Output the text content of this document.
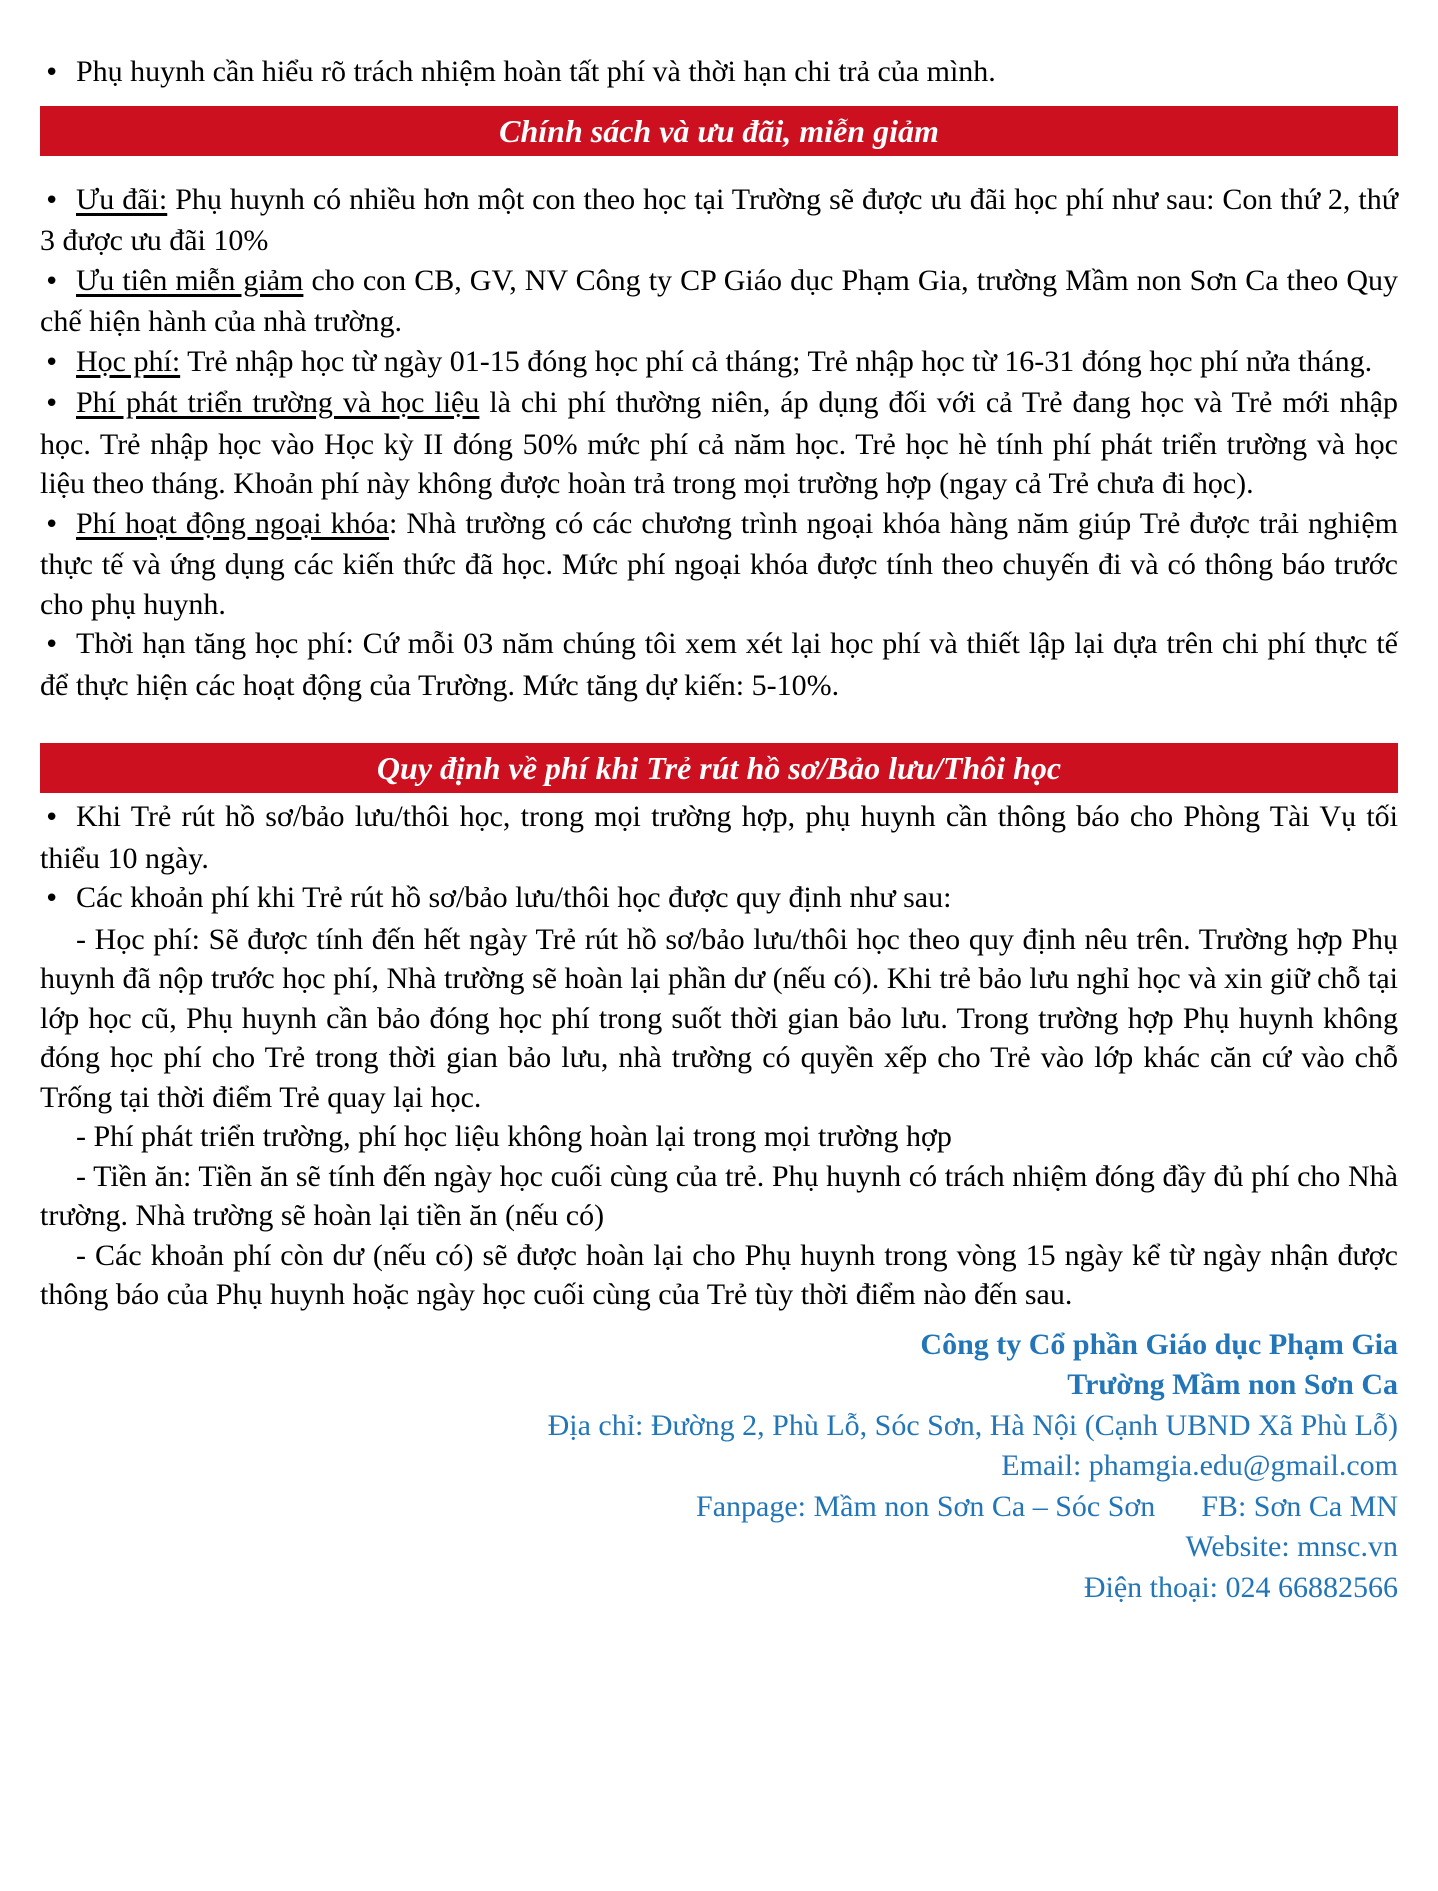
• Phụ huynh cần hiểu rõ trách nhiệm hoàn tất phí và thời hạn chi trả của mình.

Chính sách và ưu đãi, miễn giảm

• Ưu đãi: Phụ huynh có nhiều hơn một con theo học tại Trường sẽ được ưu đãi học phí như sau: Con thứ 2, thứ 3 được ưu đãi 10%

• Ưu tiên miễn giảm cho con CB, GV, NV Công ty CP Giáo dục Phạm Gia, trường Mầm non Sơn Ca theo Quy chế hiện hành của nhà trường.

• Học phí: Trẻ nhập học từ ngày 01-15 đóng học phí cả tháng; Trẻ nhập học từ 16-31 đóng học phí nửa tháng.

• Phí phát triển trường và học liệu là chi phí thường niên, áp dụng đối với cả Trẻ đang học và Trẻ mới nhập học. Trẻ nhập học vào Học kỳ II đóng 50% mức phí cả năm học. Trẻ học hè tính phí phát triển trường và học liệu theo tháng. Khoản phí này không được hoàn trả trong mọi trường hợp (ngay cả Trẻ chưa đi học).

• Phí hoạt động ngoại khóa: Nhà trường có các chương trình ngoại khóa hàng năm giúp Trẻ được trải nghiệm thực tế và ứng dụng các kiến thức đã học. Mức phí ngoại khóa được tính theo chuyến đi và có thông báo trước cho phụ huynh.

• Thời hạn tăng học phí: Cứ mỗi 03 năm chúng tôi xem xét lại học phí và thiết lập lại dựa trên chi phí thực tế để thực hiện các hoạt động của Trường. Mức tăng dự kiến: 5-10%.

Quy định về phí khi Trẻ rút hồ sơ/Bảo lưu/Thôi học

• Khi Trẻ rút hồ sơ/bảo lưu/thôi học, trong mọi trường hợp, phụ huynh cần thông báo cho Phòng Tài Vụ tối thiểu 10 ngày.

• Các khoản phí khi Trẻ rút hồ sơ/bảo lưu/thôi học được quy định như sau:

- Học phí: Sẽ được tính đến hết ngày Trẻ rút hồ sơ/bảo lưu/thôi học theo quy định nêu trên. Trường hợp Phụ huynh đã nộp trước học phí, Nhà trường sẽ hoàn lại phần dư (nếu có). Khi trẻ bảo lưu nghỉ học và xin giữ chỗ tại lớp học cũ, Phụ huynh cần bảo đóng học phí trong suốt thời gian bảo lưu. Trong trường hợp Phụ huynh không đóng học phí cho Trẻ trong thời gian bảo lưu, nhà trường có quyền xếp cho Trẻ vào lớp khác căn cứ vào chỗ Trống tại thời điểm Trẻ quay lại học.

- Phí phát triển trường, phí học liệu không hoàn lại trong mọi trường hợp

- Tiền ăn: Tiền ăn sẽ tính đến ngày học cuối cùng của trẻ. Phụ huynh có trách nhiệm đóng đầy đủ phí cho Nhà trường. Nhà trường sẽ hoàn lại tiền ăn (nếu có)

- Các khoản phí còn dư (nếu có) sẽ được hoàn lại cho Phụ huynh trong vòng 15 ngày kể từ ngày nhận được thông báo của Phụ huynh hoặc ngày học cuối cùng của Trẻ tùy thời điểm nào đến sau.

Công ty Cổ phần Giáo dục Phạm Gia
Trường Mầm non Sơn Ca
Địa chỉ: Đường 2, Phù Lỗ, Sóc Sơn, Hà Nội (Cạnh UBND Xã Phù Lỗ)
Email: phamgia.edu@gmail.com
Fanpage: Mầm non Sơn Ca – Sóc Sơn FB: Sơn Ca MN
Website: mnsc.vn
Điện thoại: 024 66882566
